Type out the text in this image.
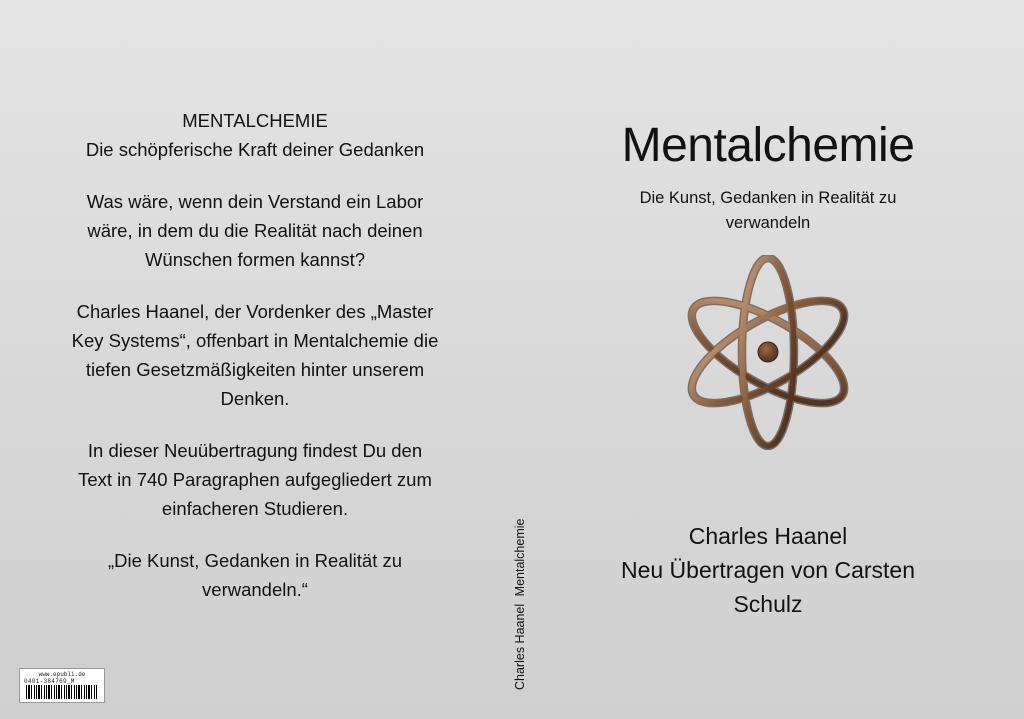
MENTALCHEMIE
Die schöpferische Kraft deiner Gedanken

Was wäre, wenn dein Verstand ein Labor
wäre, in dem du die Realität nach deinen
Wünschen formen kannst?

Charles Haanel, der Vordenker des „Master
Key Systems“, offenbart in Mentalchemie die
tiefen Gesetzmäßigkeiten hinter unserem
Denken.

In dieser Neuübertragung findest Du den
Text in 740 Paragraphen aufgegliedert zum
einfacheren Studieren.

„Die Kunst, Gedanken in Realität zu
verwandeln.“

www.epubli.de
0401-384769_M	Charles Haanel Mentalchemie
Mentalchemie
Die Kunst, Gedanken in Realität zu verwandeln
Charles Haanel
Neu Übertragen von Carsten
Schulz
